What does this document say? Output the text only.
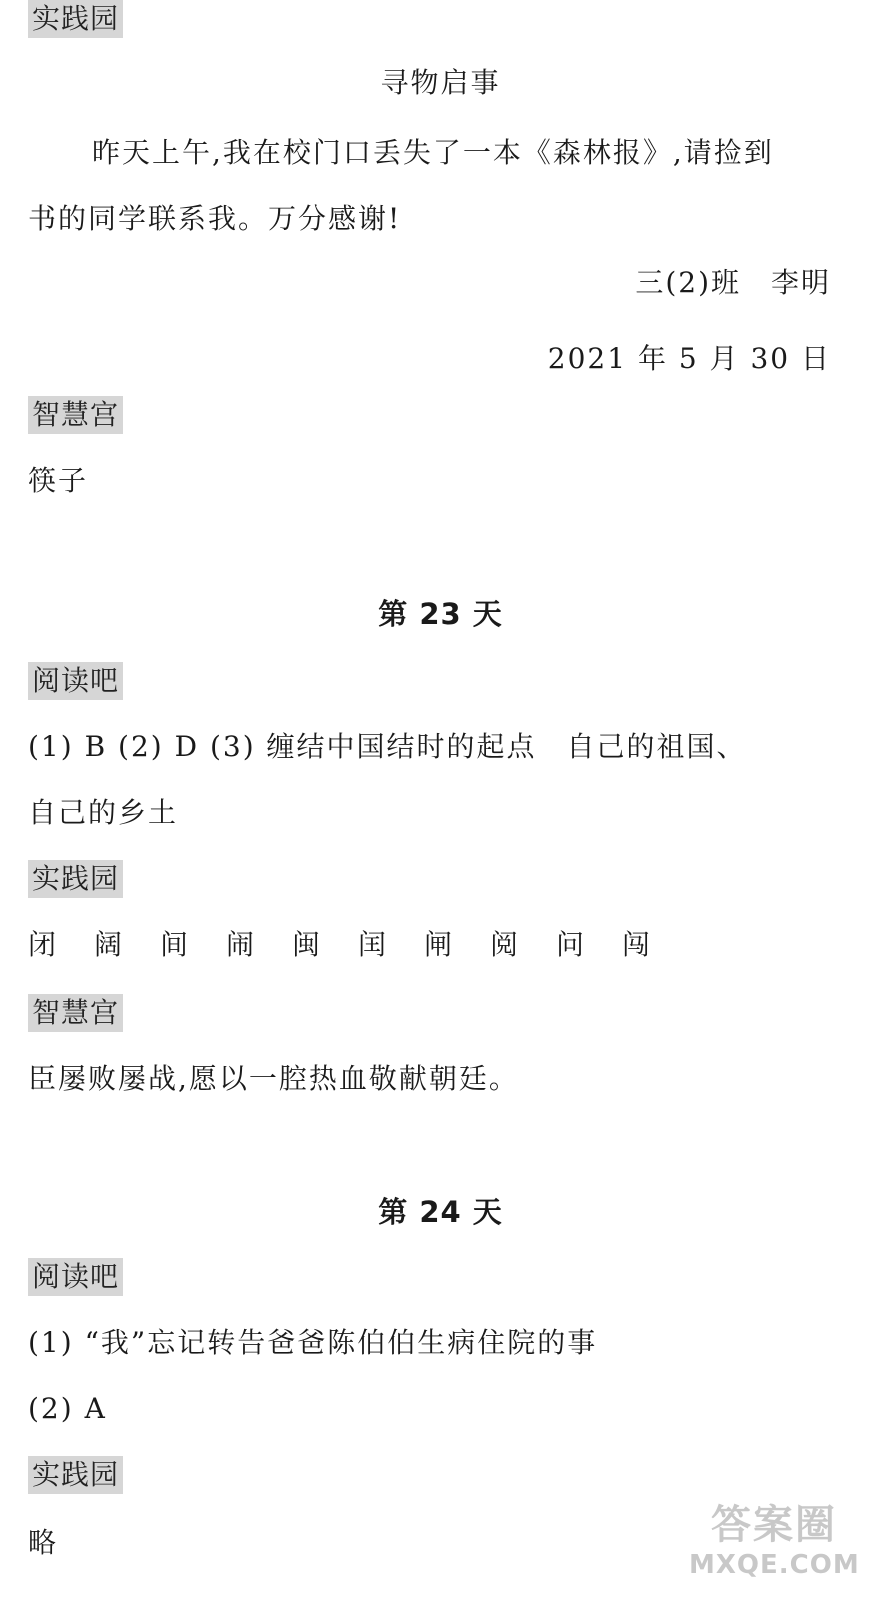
实践园
寻物启事
昨天上午,我在校门口丢失了一本《森林报》,请捡到
书的同学联系我。万分感谢!
三(2)班　李明
2021 年 5 月 30 日
智慧宫
筷子
第 23 天
阅读吧
(1) B (2) D (3) 缠结中国结时的起点　自己的祖国、
自己的乡土
实践园
闭	阔	间	闹	闽	闰	闸	阅	问	闯
智慧宫
臣屡败屡战,愿以一腔热血敬献朝廷。
第 24 天
阅读吧
(1) “我”忘记转告爸爸陈伯伯生病住院的事
(2) A
实践园
略	答案圈
MXQE.COM
